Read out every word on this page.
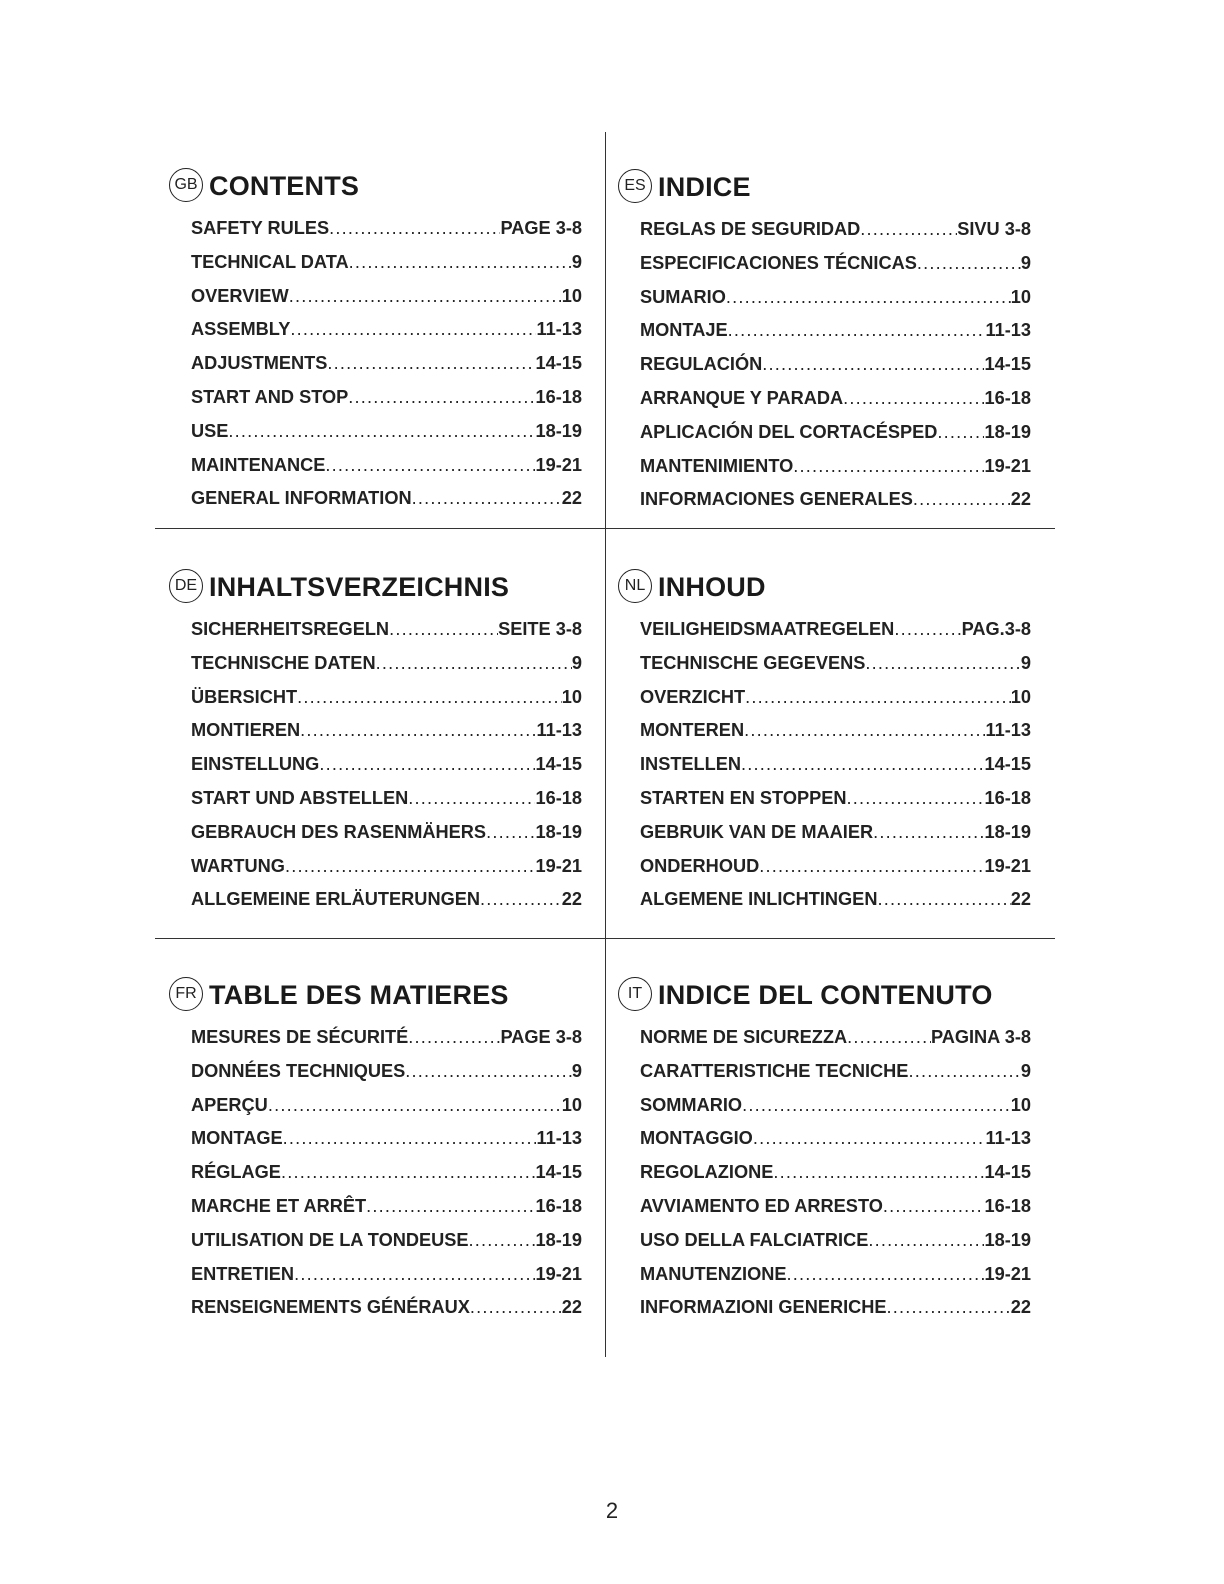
GB CONTENTS
SAFETY RULES .....	PAGE 3-8
TECHNICAL DATA .....	9
OVERVIEW .....	10
ASSEMBLY .....	11-13
ADJUSTMENTS .....	14-15
START AND STOP .....	16-18
USE .....	18-19
MAINTENANCE .....	19-21
GENERAL INFORMATION .....	22
ES INDICE
REGLAS DE SEGURIDAD .....	SIVU 3-8
ESPECIFICACIONES TÉCNICAS .....	9
SUMARIO .....	10
MONTAJE .....	11-13
REGULACIÓN .....	14-15
ARRANQUE Y PARADA .....	16-18
APLICACIÓN DEL CORTACÉSPED .....	18-19
MANTENIMIENTO .....	19-21
INFORMACIONES GENERALES .....	22
DE INHALTSVERZEICHNIS
SICHERHEITSREGELN .....	SEITE 3-8
TECHNISCHE DATEN .....	9
ÜBERSICHT .....	10
MONTIEREN .....	11-13
EINSTELLUNG .....	14-15
START UND ABSTELLEN .....	16-18
GEBRAUCH DES RASENMÄHERS .....	18-19
WARTUNG .....	19-21
ALLGEMEINE ERLÄUTERUNGEN .....	22
NL INHOUD
VEILIGHEIDSMAATREGELEN .....	PAG.3-8
TECHNISCHE GEGEVENS .....	9
OVERZICHT .....	10
MONTEREN .....	11-13
INSTELLEN .....	14-15
STARTEN EN STOPPEN .....	16-18
GEBRUIK VAN DE MAAIER .....	18-19
ONDERHOUD .....	19-21
ALGEMENE INLICHTINGEN .....	22
FR TABLE DES MATIERES
MESURES DE SÉCURITÉ .....	PAGE 3-8
DONNÉES TECHNIQUES .....	9
APERÇU .....	10
MONTAGE .....	11-13
RÉGLAGE .....	14-15
MARCHE ET ARRÊT .....	16-18
UTILISATION DE LA TONDEUSE .....	18-19
ENTRETIEN .....	19-21
RENSEIGNEMENTS GÉNÉRAUX .....	22
IT INDICE DEL CONTENUTO
NORME DE SICUREZZA .....	PAGINA 3-8
CARATTERISTICHE TECNICHE .....	9
SOMMARIO .....	10
MONTAGGIO .....	11-13
REGOLAZIONE .....	14-15
AVVIAMENTO ED ARRESTO .....	16-18
USO DELLA FALCIATRICE .....	18-19
MANUTENZIONE .....	19-21
INFORMAZIONI GENERICHE .....	22
2
